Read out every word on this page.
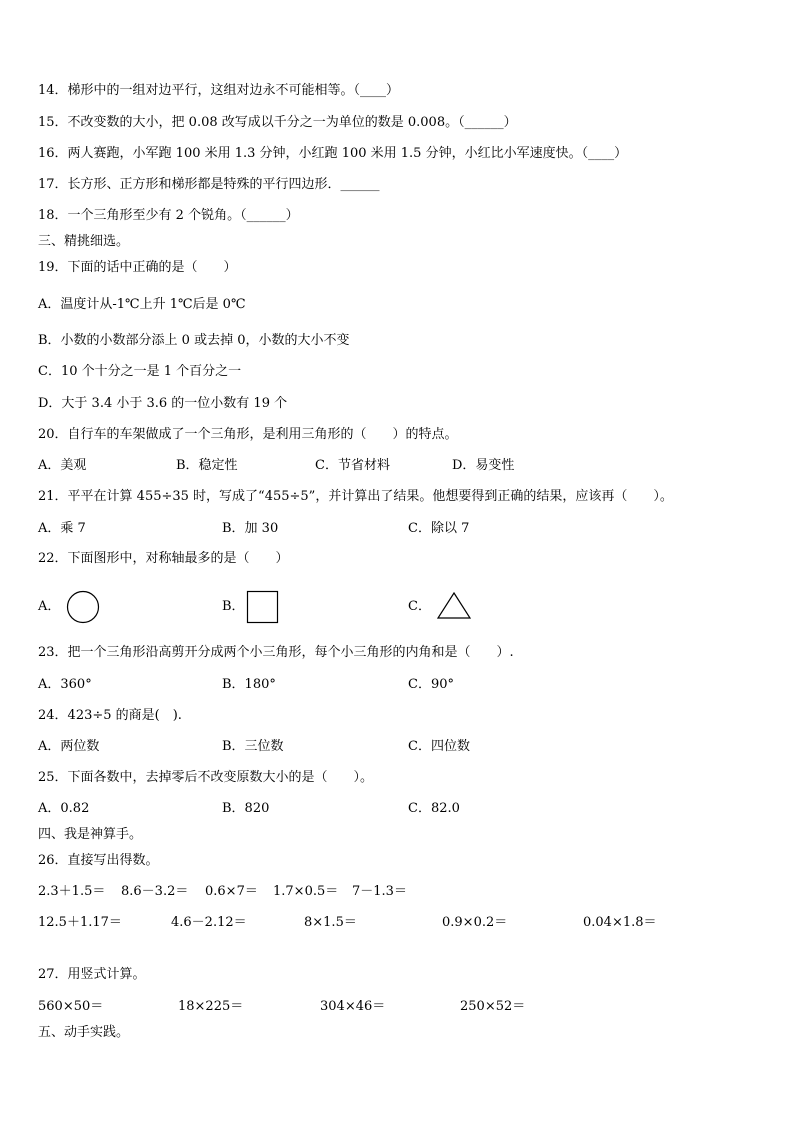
14．梯形中的一组对边平行，这组对边永不可能相等。（____）
15．不改变数的大小，把 0.08 改写成以千分之一为单位的数是 0.008。（______）
16．两人赛跑，小军跑 100 米用 1.3 分钟，小红跑 100 米用 1.5 分钟，小红比小军速度快。（____）
17．长方形、正方形和梯形都是特殊的平行四边形．______
18．一个三角形至少有 2 个锐角。（______）
三、精挑细选。
19．下面的话中正确的是（　　）
A．温度计从-1℃上升 1℃后是 0℃
B．小数的小数部分添上 0 或去掉 0，小数的大小不变
C．10 个十分之一是 1 个百分之一
D．大于 3.4 小于 3.6 的一位小数有 19 个
20．自行车的车架做成了一个三角形，是利用三角形的（　　）的特点。
A．美观	B．稳定性	C．节省材料	D．易变性
21．平平在计算 455÷35 时，写成了“455÷5”，并计算出了结果。他想要得到正确的结果，应该再（　　）。
A．乘 7	B．加 30	C．除以 7
22．下面图形中，对称轴最多的是（　　）
A．	B．	C．
23．把一个三角形沿高剪开分成两个小三角形，每个小三角形的内角和是（　　）.
A．360°	B．180°	C．90°
24．423÷5 的商是(　).
A．两位数	B．三位数	C．四位数
25．下面各数中，去掉零后不改变原数大小的是（　　）。
A．0.82	B．820	C．82.0
四、我是神算手。
26．直接写出得数。
2.3＋1.5＝ 8.6－3.2＝ 0.6×7＝ 1.7×0.5＝ 7－1.3＝
12.5＋1.17＝	4.6－2.12＝	8×1.5＝	0.9×0.2＝	0.04×1.8＝
27．用竖式计算。
560×50＝	18×225＝	304×46＝	250×52＝
五、动手实践。
